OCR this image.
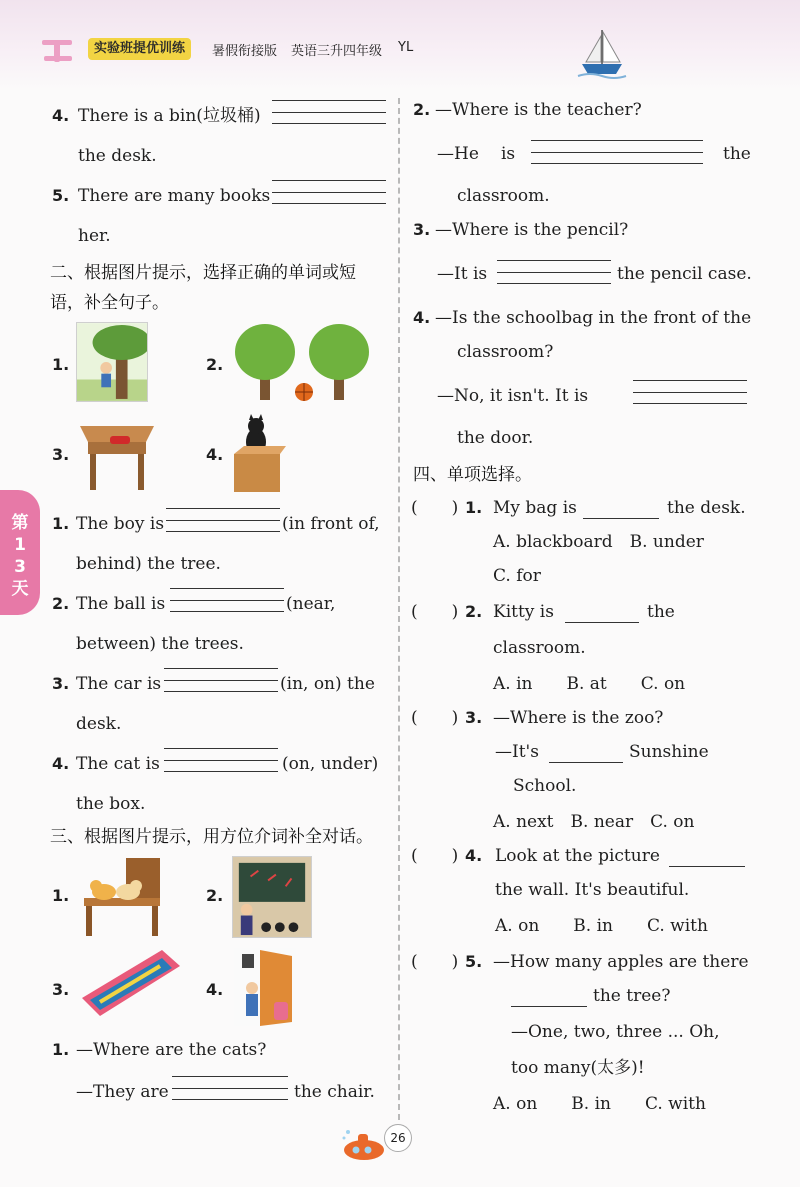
实验班提优训练	暑假衔接版 英语三升四年级 YL
第13天
4. There is a bin(垃圾桶)
the desk.
5. There are many books
her.
二、根据图片提示，选择正确的单词或短
语，补全句子。
1.	2.
3.	4.
1. The boy is	(in front of,
behind) the tree.
2. The ball is	(near,
between) the trees.
3. The car is	(in, on) the
desk.
4. The cat is	(on, under)
the box.
三、根据图片提示，用方位介词补全对话。
1.	2.
3.	4.
1. —Where are the cats?
—They are	the chair.
2. —Where is the teacher?
—He is	the
classroom.
3. —Where is the pencil?
—It is	the pencil case.
4. —Is the schoolbag in the front of the
classroom?
—No, it isn't. It is
the door.
四、单项选择。
(　　) 1. My bag is	the desk.
A. blackboard　B. under
C. for
(　　) 2. Kitty is	the
classroom.
A. in　　B. at　　C. on
(　　) 3. —Where is the zoo?
—It's	Sunshine
School.
A. next　B. near　C. on
(　　) 4. Look at the picture
the wall. It's beautiful.
A. on　　B. in　　C. with
(　　) 5. —How many apples are there
the tree?
—One, two, three ... Oh,
too many(太多)!
A. on　　B. in　　C. with
26
